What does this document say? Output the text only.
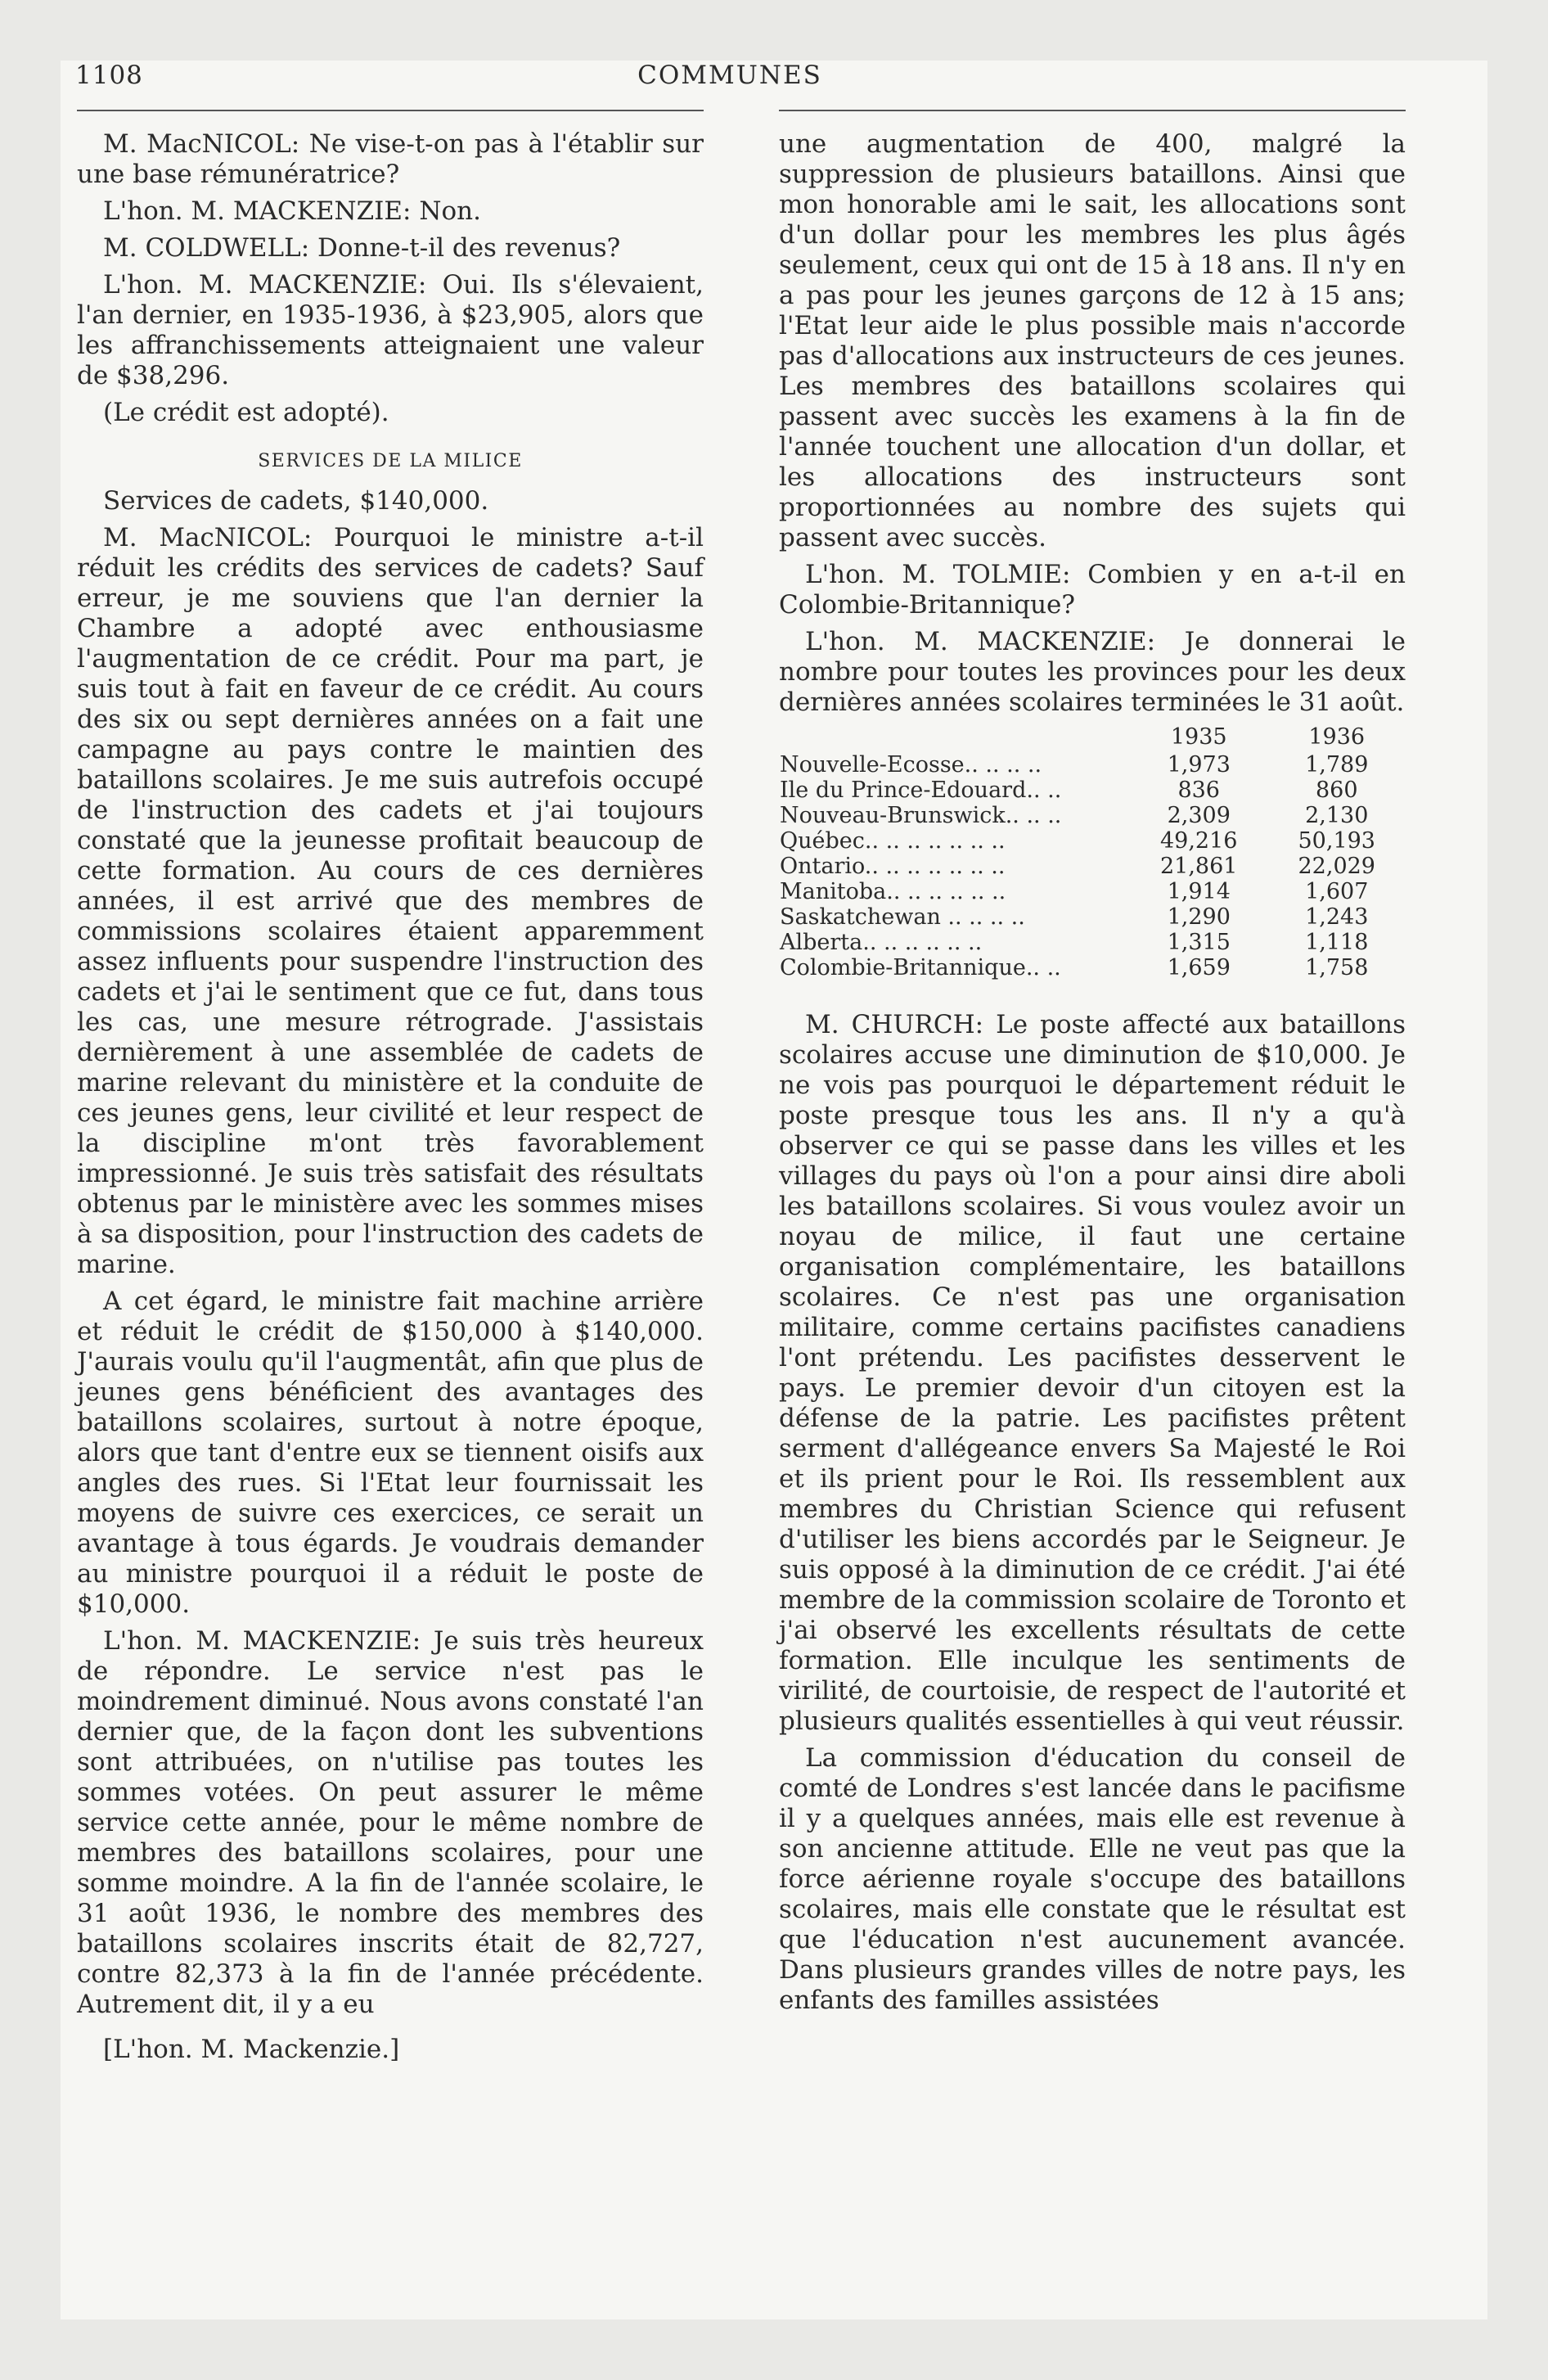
1108	COMMUNES

M. MacNICOL: Ne vise-t-on pas à l'établir sur une base rémunératrice?

L'hon. M. MACKENZIE: Non.

M. COLDWELL: Donne-t-il des revenus?

L'hon. M. MACKENZIE: Oui. Ils s'élevaient, l'an dernier, en 1935-1936, à $23,905, alors que les affranchissements atteignaient une valeur de $38,296.

(Le crédit est adopté).

SERVICES DE LA MILICE

Services de cadets, $140,000.

M. MacNICOL: Pourquoi le ministre a-t-il réduit les crédits des services de cadets? Sauf erreur, je me souviens que l'an dernier la Chambre a adopté avec enthousiasme l'augmentation de ce crédit. Pour ma part, je suis tout à fait en faveur de ce crédit. Au cours des six ou sept dernières années on a fait une campagne au pays contre le maintien des bataillons scolaires. Je me suis autrefois occupé de l'instruction des cadets et j'ai toujours constaté que la jeunesse profitait beaucoup de cette formation. Au cours de ces dernières années, il est arrivé que des membres de commissions scolaires étaient apparemment assez influents pour suspendre l'instruction des cadets et j'ai le sentiment que ce fut, dans tous les cas, une mesure rétrograde. J'assistais dernièrement à une assemblée de cadets de marine relevant du ministère et la conduite de ces jeunes gens, leur civilité et leur respect de la discipline m'ont très favorablement impressionné. Je suis très satisfait des résultats obtenus par le ministère avec les sommes mises à sa disposition, pour l'instruction des cadets de marine.

A cet égard, le ministre fait machine arrière et réduit le crédit de $150,000 à $140,000. J'aurais voulu qu'il l'augmentât, afin que plus de jeunes gens bénéficient des avantages des bataillons scolaires, surtout à notre époque, alors que tant d'entre eux se tiennent oisifs aux angles des rues. Si l'Etat leur fournissait les moyens de suivre ces exercices, ce serait un avantage à tous égards. Je voudrais demander au ministre pourquoi il a réduit le poste de $10,000.

L'hon. M. MACKENZIE: Je suis très heureux de répondre. Le service n'est pas le moindrement diminué. Nous avons constaté l'an dernier que, de la façon dont les subventions sont attribuées, on n'utilise pas toutes les sommes votées. On peut assurer le même service cette année, pour le même nombre de membres des bataillons scolaires, pour une somme moindre. A la fin de l'année scolaire, le 31 août 1936, le nombre des membres des bataillons scolaires inscrits était de 82,727, contre 82,373 à la fin de l'année précédente. Autrement dit, il y a eu

[L'hon. M. Mackenzie.]

une augmentation de 400, malgré la suppression de plusieurs bataillons. Ainsi que mon honorable ami le sait, les allocations sont d'un dollar pour les membres les plus âgés seulement, ceux qui ont de 15 à 18 ans. Il n'y en a pas pour les jeunes garçons de 12 à 15 ans; l'Etat leur aide le plus possible mais n'accorde pas d'allocations aux instructeurs de ces jeunes. Les membres des bataillons scolaires qui passent avec succès les examens à la fin de l'année touchent une allocation d'un dollar, et les allocations des instructeurs sont proportionnées au nombre des sujets qui passent avec succès.

L'hon. M. TOLMIE: Combien y en a-t-il en Colombie-Britannique?

L'hon. M. MACKENZIE: Je donnerai le nombre pour toutes les provinces pour les deux dernières années scolaires terminées le 31 août.

	1935	1936
Nouvelle-Ecosse.. .. .. ..	1,973	1,789
Ile du Prince-Edouard.. ..	836	860
Nouveau-Brunswick.. .. ..	2,309	2,130
Québec.. .. .. .. .. .. ..	49,216	50,193
Ontario.. .. .. .. .. .. ..	21,861	22,029
Manitoba.. .. .. .. .. ..	1,914	1,607
Saskatchewan .. .. .. ..	1,290	1,243
Alberta.. .. .. .. .. ..	1,315	1,118
Colombie-Britannique.. ..	1,659	1,758

M. CHURCH: Le poste affecté aux bataillons scolaires accuse une diminution de $10,000. Je ne vois pas pourquoi le département réduit le poste presque tous les ans. Il n'y a qu'à observer ce qui se passe dans les villes et les villages du pays où l'on a pour ainsi dire aboli les bataillons scolaires. Si vous voulez avoir un noyau de milice, il faut une certaine organisation complémentaire, les bataillons scolaires. Ce n'est pas une organisation militaire, comme certains pacifistes canadiens l'ont prétendu. Les pacifistes desservent le pays. Le premier devoir d'un citoyen est la défense de la patrie. Les pacifistes prêtent serment d'allégeance envers Sa Majesté le Roi et ils prient pour le Roi. Ils ressemblent aux membres du Christian Science qui refusent d'utiliser les biens accordés par le Seigneur. Je suis opposé à la diminution de ce crédit. J'ai été membre de la commission scolaire de Toronto et j'ai observé les excellents résultats de cette formation. Elle inculque les sentiments de virilité, de courtoisie, de respect de l'autorité et plusieurs qualités essentielles à qui veut réussir.

La commission d'éducation du conseil de comté de Londres s'est lancée dans le pacifisme il y a quelques années, mais elle est revenue à son ancienne attitude. Elle ne veut pas que la force aérienne royale s'occupe des bataillons scolaires, mais elle constate que le résultat est que l'éducation n'est aucunement avancée. Dans plusieurs grandes villes de notre pays, les enfants des familles assistées
